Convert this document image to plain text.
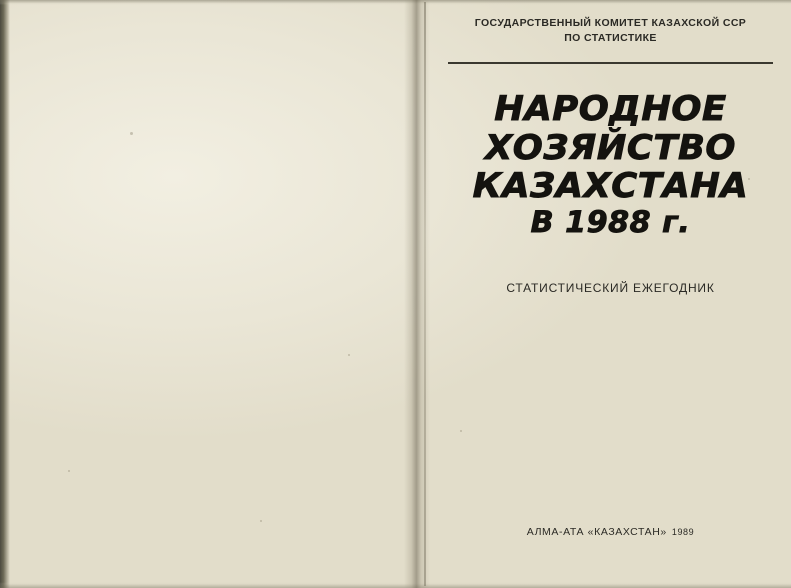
ГОСУДАРСТВЕННЫЙ КОМИТЕТ КАЗАХСКОЙ ССР
ПО СТАТИСТИКЕ
НАРОДНОЕ
ХОЗЯЙСТВО
КАЗАХСТАНА
В 1988 г.
СТАТИСТИЧЕСКИЙ ЕЖЕГОДНИК
АЛМА-АТА «КАЗАХСТАН» 1989
